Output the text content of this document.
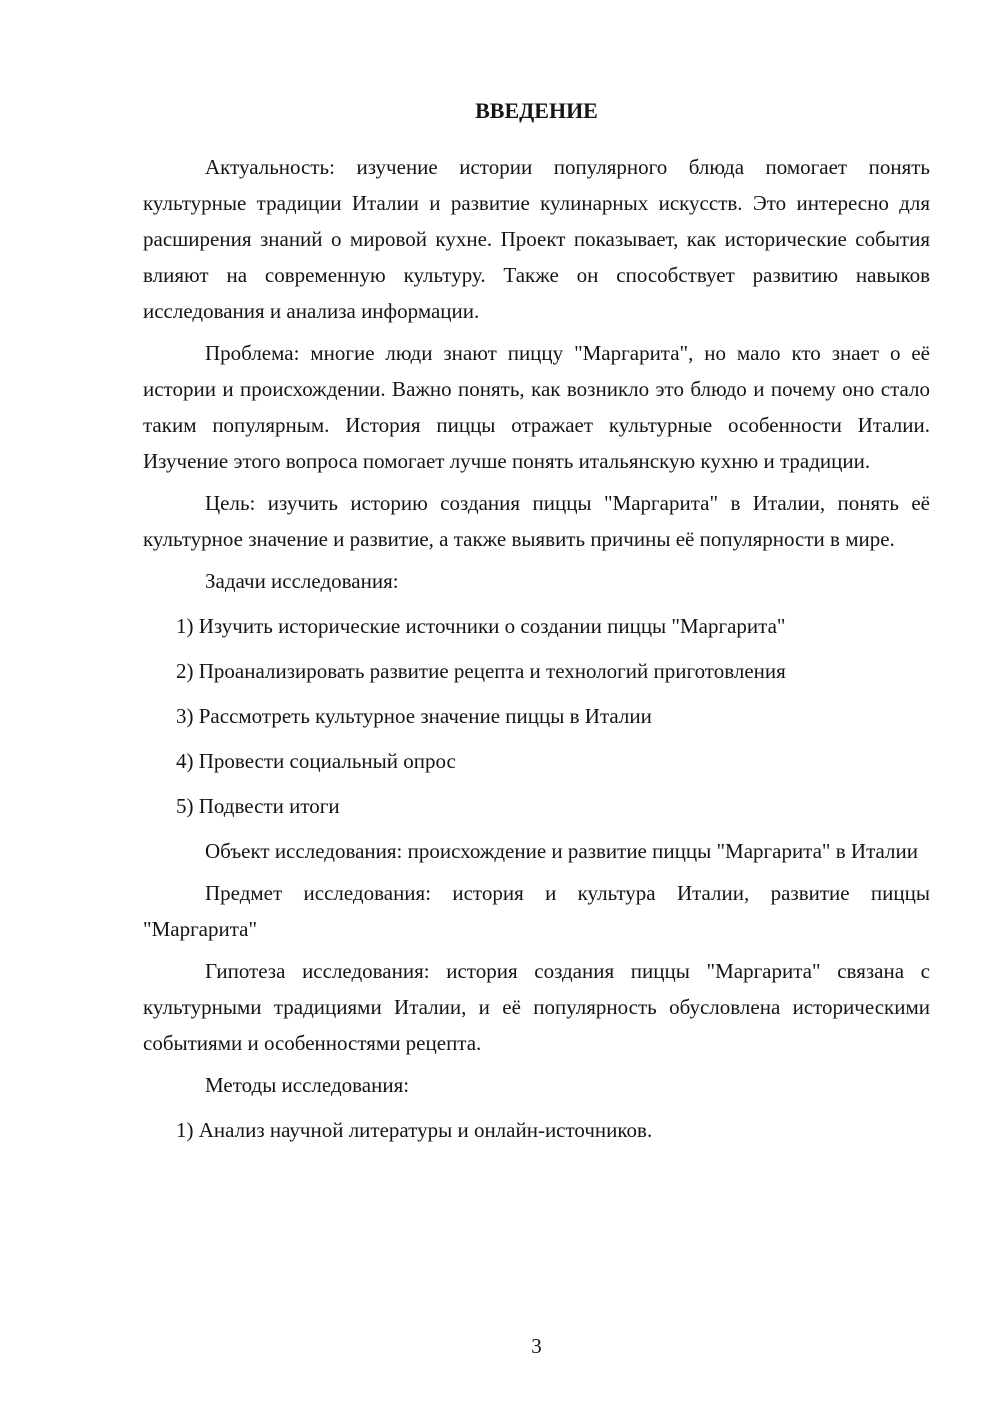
ВВЕДЕНИЕ

Актуальность: изучение истории популярного блюда помогает понять культурные традиции Италии и развитие кулинарных искусств. Это интересно для расширения знаний о мировой кухне. Проект показывает, как исторические события влияют на современную культуру. Также он способствует развитию навыков исследования и анализа информации.

Проблема: многие люди знают пиццу "Маргарита", но мало кто знает о её истории и происхождении. Важно понять, как возникло это блюдо и почему оно стало таким популярным. История пиццы отражает культурные особенности Италии. Изучение этого вопроса помогает лучше понять итальянскую кухню и традиции.

Цель: изучить историю создания пиццы "Маргарита" в Италии, понять её культурное значение и развитие, а также выявить причины её популярности в мире.

Задачи исследования:

1) Изучить исторические источники о создании пиццы "Маргарита"

2) Проанализировать развитие рецепта и технологий приготовления

3) Рассмотреть культурное значение пиццы в Италии

4) Провести социальный опрос

5) Подвести итоги

Объект исследования: происхождение и развитие пиццы "Маргарита" в Италии

Предмет исследования: история и культура Италии, развитие пиццы "Маргарита"

Гипотеза исследования: история создания пиццы "Маргарита" связана с культурными традициями Италии, и её популярность обусловлена историческими событиями и особенностями рецепта.

Методы исследования:

1) Анализ научной литературы и онлайн-источников.

3
